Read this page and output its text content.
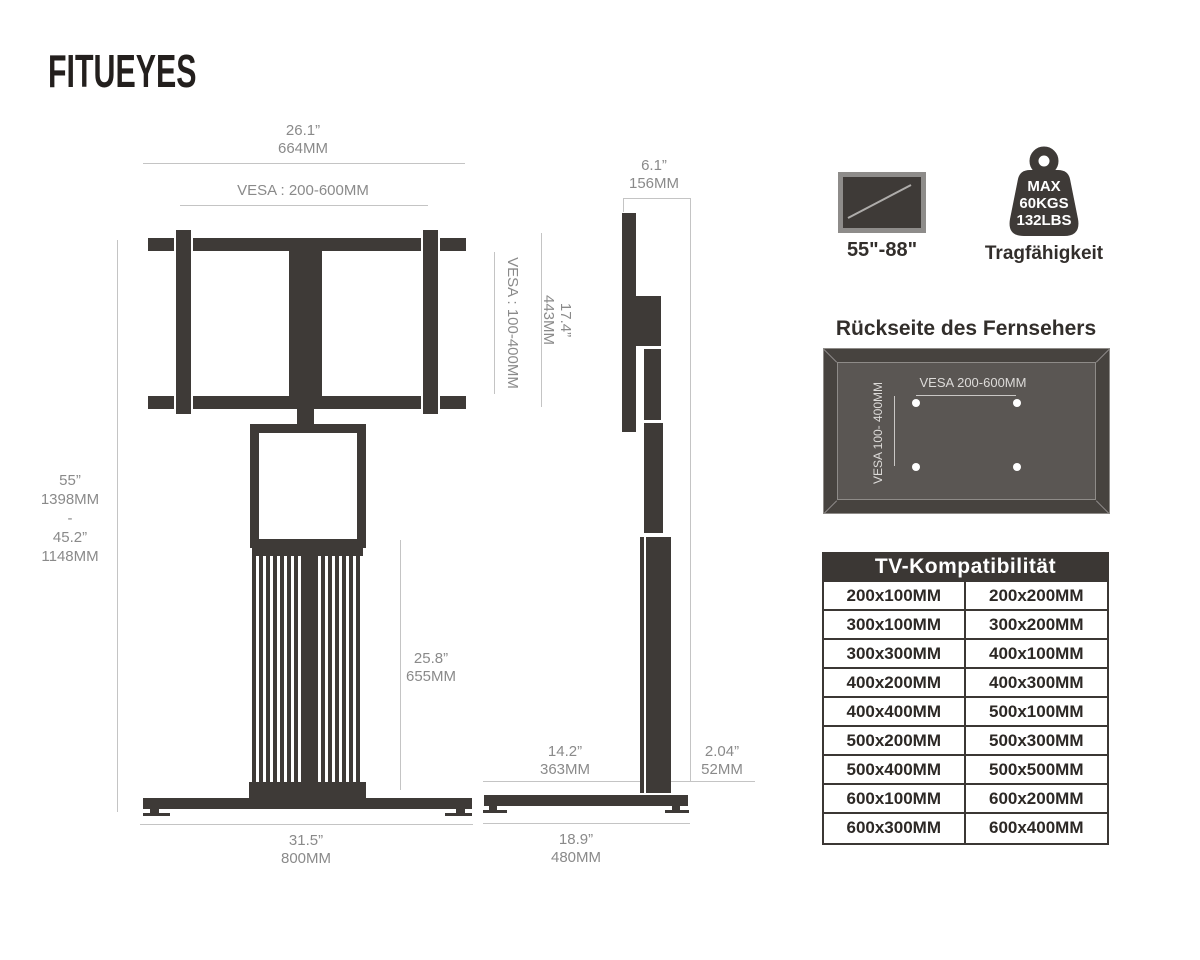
FITUEYES
26.1”
664MM
VESA : 200-600MM
55”
1398MM
-
45.2”
1148MM
VESA : 100-400MM 17.4”
443MM
25.8”
655MM
31.5”
800MM
6.1”
156MM
14.2”
363MM
2.04”
52MM
18.9”
480MM
55"-88"
MAX
60KGS
132LBS
Tragfähigkeit
Rückseite des Fernsehers
VESA 200-600MM
VESA 100- 400MM
TV-Kompatibilität
200x100MM	200x200MM
300x100MM	300x200MM
300x300MM	400x100MM
400x200MM	400x300MM
400x400MM	500x100MM
500x200MM	500x300MM
500x400MM	500x500MM
600x100MM	600x200MM
600x300MM	600x400MM
